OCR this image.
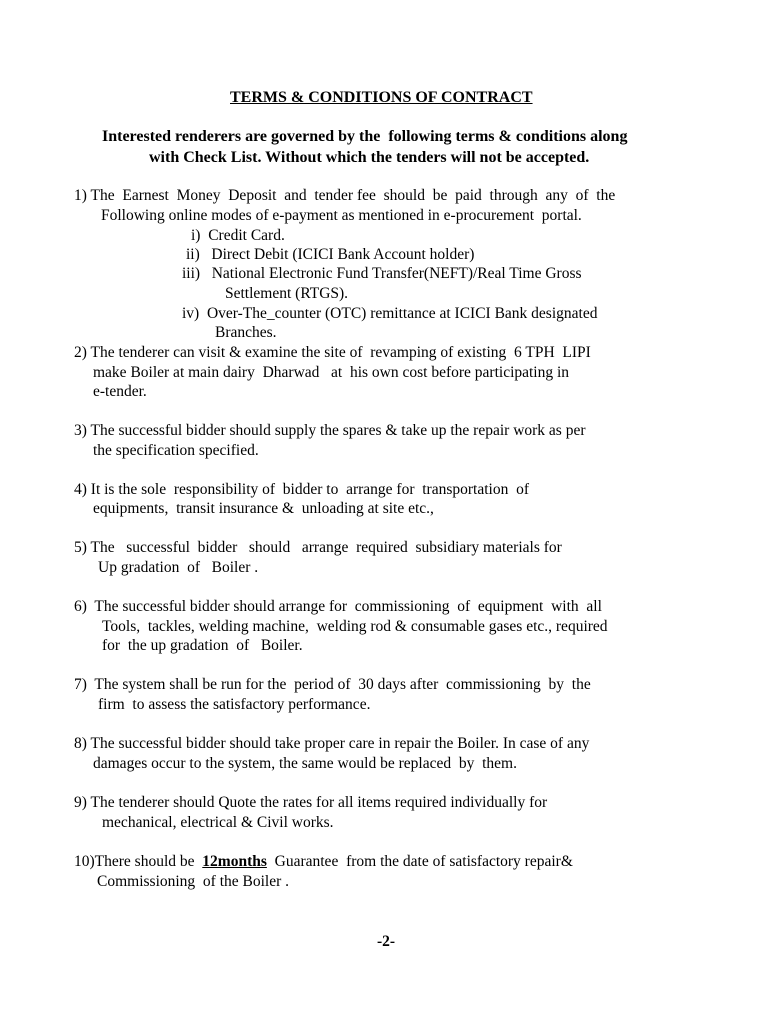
TERMS & CONDITIONS OF CONTRACT
Interested renderers are governed by the  following terms & conditions along
with Check List. Without which the tenders will not be accepted.
1) The  Earnest  Money  Deposit  and  tender fee  should  be  paid  through  any  of  the
Following online modes of e-payment as mentioned in e-procurement  portal.
i)  Credit Card.
ii)   Direct Debit (ICICI Bank Account holder)
iii)   National Electronic Fund Transfer(NEFT)/Real Time Gross
Settlement (RTGS).
iv)  Over-The_counter (OTC) remittance at ICICI Bank designated
Branches.
2) The tenderer can visit & examine the site of  revamping of existing  6 TPH  LIPI
make Boiler at main dairy  Dharwad   at  his own cost before participating in
e-tender.
3) The successful bidder should supply the spares & take up the repair work as per
the specification specified.
4) It is the sole  responsibility of  bidder to  arrange for  transportation  of
equipments,  transit insurance &  unloading at site etc.,
5) The   successful  bidder   should   arrange  required  subsidiary materials for
Up gradation  of   Boiler .
6)  The successful bidder should arrange for  commissioning  of  equipment  with  all
Tools,  tackles, welding machine,  welding rod & consumable gases etc., required
for  the up gradation  of   Boiler.
7)  The system shall be run for the  period of  30 days after  commissioning  by  the
firm  to assess the satisfactory performance.
8) The successful bidder should take proper care in repair the Boiler. In case of any
damages occur to the system, the same would be replaced  by  them.
9) The tenderer should Quote the rates for all items required individually for
mechanical, electrical & Civil works.
10)There should be  12months  Guarantee  from the date of satisfactory repair&
Commissioning  of the Boiler .
-2-
